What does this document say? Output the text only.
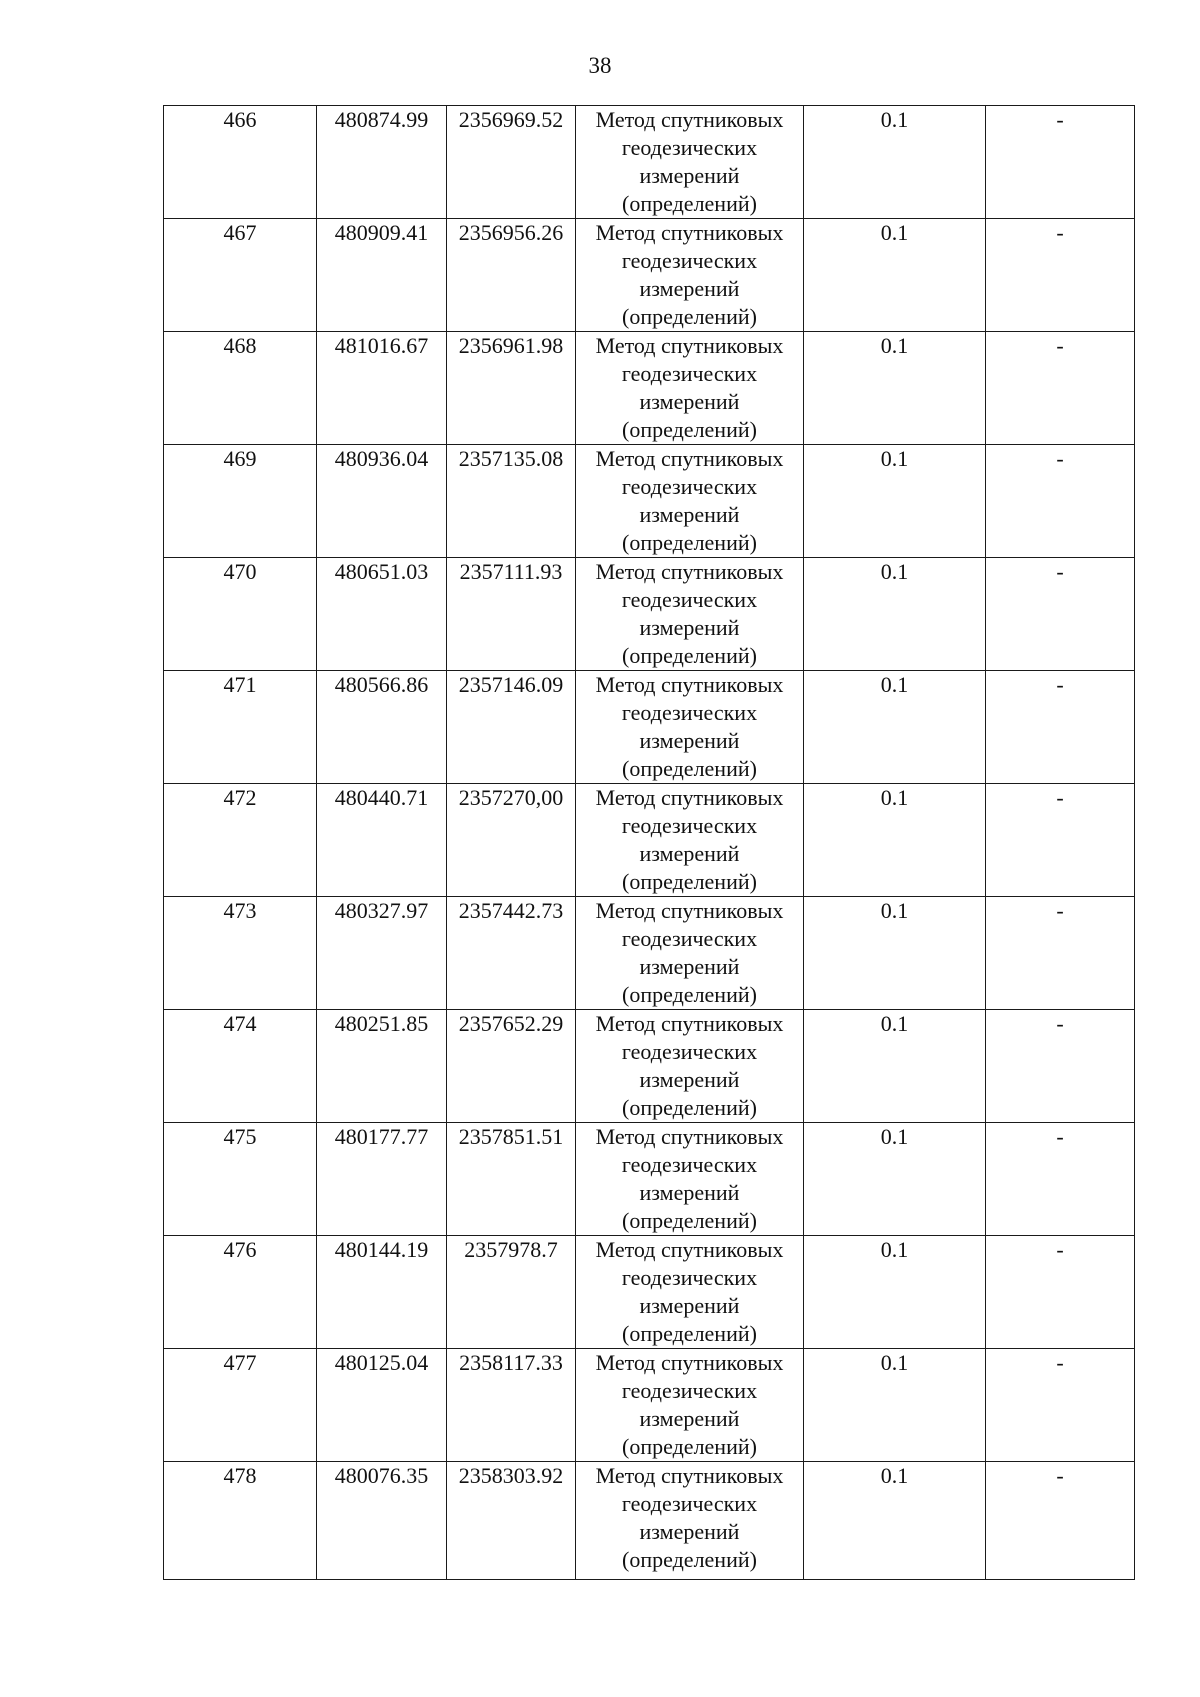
38
466	480874.99	2356969.52	Метод спутниковых геодезических измерений (определений)	0.1	-

467	480909.41	2356956.26	Метод спутниковых геодезических измерений (определений)	0.1	-

468	481016.67	2356961.98	Метод спутниковых геодезических измерений (определений)	0.1	-

469	480936.04	2357135.08	Метод спутниковых геодезических измерений (определений)	0.1	-

470	480651.03	2357111.93	Метод спутниковых геодезических измерений (определений)	0.1	-

471	480566.86	2357146.09	Метод спутниковых геодезических измерений (определений)	0.1	-

472	480440.71	2357270,00	Метод спутниковых геодезических измерений (определений)	0.1	-

473	480327.97	2357442.73	Метод спутниковых геодезических измерений (определений)	0.1	-

474	480251.85	2357652.29	Метод спутниковых геодезических измерений (определений)	0.1	-

475	480177.77	2357851.51	Метод спутниковых геодезических измерений (определений)	0.1	-

476	480144.19	2357978.7	Метод спутниковых геодезических измерений (определений)	0.1	-

477	480125.04	2358117.33	Метод спутниковых геодезических измерений (определений)	0.1	-

478	480076.35	2358303.92	Метод спутниковых геодезических измерений (определений)	0.1	-
